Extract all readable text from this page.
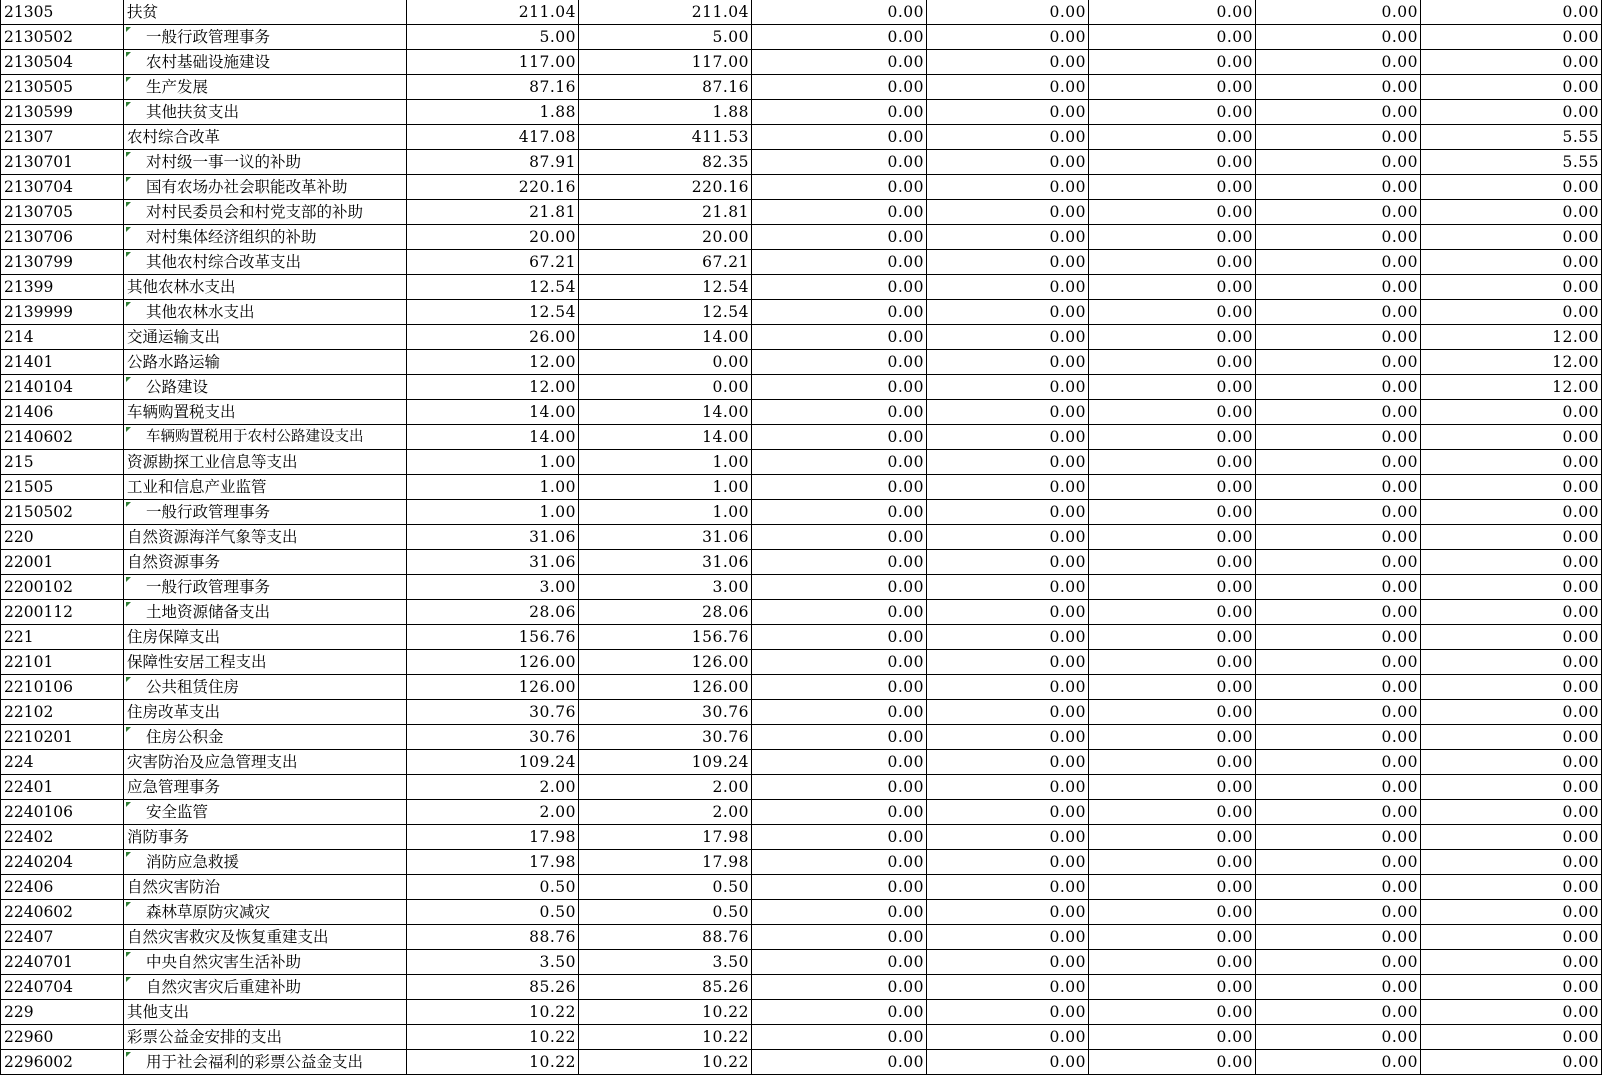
21305	扶贫	211.04	211.04	0.00	0.00	0.00	0.00	0.00
2130502	一般行政管理事务	5.00	5.00	0.00	0.00	0.00	0.00	0.00
2130504	农村基础设施建设	117.00	117.00	0.00	0.00	0.00	0.00	0.00
2130505	生产发展	87.16	87.16	0.00	0.00	0.00	0.00	0.00
2130599	其他扶贫支出	1.88	1.88	0.00	0.00	0.00	0.00	0.00
21307	农村综合改革	417.08	411.53	0.00	0.00	0.00	0.00	5.55
2130701	对村级一事一议的补助	87.91	82.35	0.00	0.00	0.00	0.00	5.55
2130704	国有农场办社会职能改革补助	220.16	220.16	0.00	0.00	0.00	0.00	0.00
2130705	对村民委员会和村党支部的补助	21.81	21.81	0.00	0.00	0.00	0.00	0.00
2130706	对村集体经济组织的补助	20.00	20.00	0.00	0.00	0.00	0.00	0.00
2130799	其他农村综合改革支出	67.21	67.21	0.00	0.00	0.00	0.00	0.00
21399	其他农林水支出	12.54	12.54	0.00	0.00	0.00	0.00	0.00
2139999	其他农林水支出	12.54	12.54	0.00	0.00	0.00	0.00	0.00
214	交通运输支出	26.00	14.00	0.00	0.00	0.00	0.00	12.00
21401	公路水路运输	12.00	0.00	0.00	0.00	0.00	0.00	12.00
2140104	公路建设	12.00	0.00	0.00	0.00	0.00	0.00	12.00
21406	车辆购置税支出	14.00	14.00	0.00	0.00	0.00	0.00	0.00
2140602	车辆购置税用于农村公路建设支出	14.00	14.00	0.00	0.00	0.00	0.00	0.00
215	资源勘探工业信息等支出	1.00	1.00	0.00	0.00	0.00	0.00	0.00
21505	工业和信息产业监管	1.00	1.00	0.00	0.00	0.00	0.00	0.00
2150502	一般行政管理事务	1.00	1.00	0.00	0.00	0.00	0.00	0.00
220	自然资源海洋气象等支出	31.06	31.06	0.00	0.00	0.00	0.00	0.00
22001	自然资源事务	31.06	31.06	0.00	0.00	0.00	0.00	0.00
2200102	一般行政管理事务	3.00	3.00	0.00	0.00	0.00	0.00	0.00
2200112	土地资源储备支出	28.06	28.06	0.00	0.00	0.00	0.00	0.00
221	住房保障支出	156.76	156.76	0.00	0.00	0.00	0.00	0.00
22101	保障性安居工程支出	126.00	126.00	0.00	0.00	0.00	0.00	0.00
2210106	公共租赁住房	126.00	126.00	0.00	0.00	0.00	0.00	0.00
22102	住房改革支出	30.76	30.76	0.00	0.00	0.00	0.00	0.00
2210201	住房公积金	30.76	30.76	0.00	0.00	0.00	0.00	0.00
224	灾害防治及应急管理支出	109.24	109.24	0.00	0.00	0.00	0.00	0.00
22401	应急管理事务	2.00	2.00	0.00	0.00	0.00	0.00	0.00
2240106	安全监管	2.00	2.00	0.00	0.00	0.00	0.00	0.00
22402	消防事务	17.98	17.98	0.00	0.00	0.00	0.00	0.00
2240204	消防应急救援	17.98	17.98	0.00	0.00	0.00	0.00	0.00
22406	自然灾害防治	0.50	0.50	0.00	0.00	0.00	0.00	0.00
2240602	森林草原防灾减灾	0.50	0.50	0.00	0.00	0.00	0.00	0.00
22407	自然灾害救灾及恢复重建支出	88.76	88.76	0.00	0.00	0.00	0.00	0.00
2240701	中央自然灾害生活补助	3.50	3.50	0.00	0.00	0.00	0.00	0.00
2240704	自然灾害灾后重建补助	85.26	85.26	0.00	0.00	0.00	0.00	0.00
229	其他支出	10.22	10.22	0.00	0.00	0.00	0.00	0.00
22960	彩票公益金安排的支出	10.22	10.22	0.00	0.00	0.00	0.00	0.00
2296002	用于社会福利的彩票公益金支出	10.22	10.22	0.00	0.00	0.00	0.00	0.00
